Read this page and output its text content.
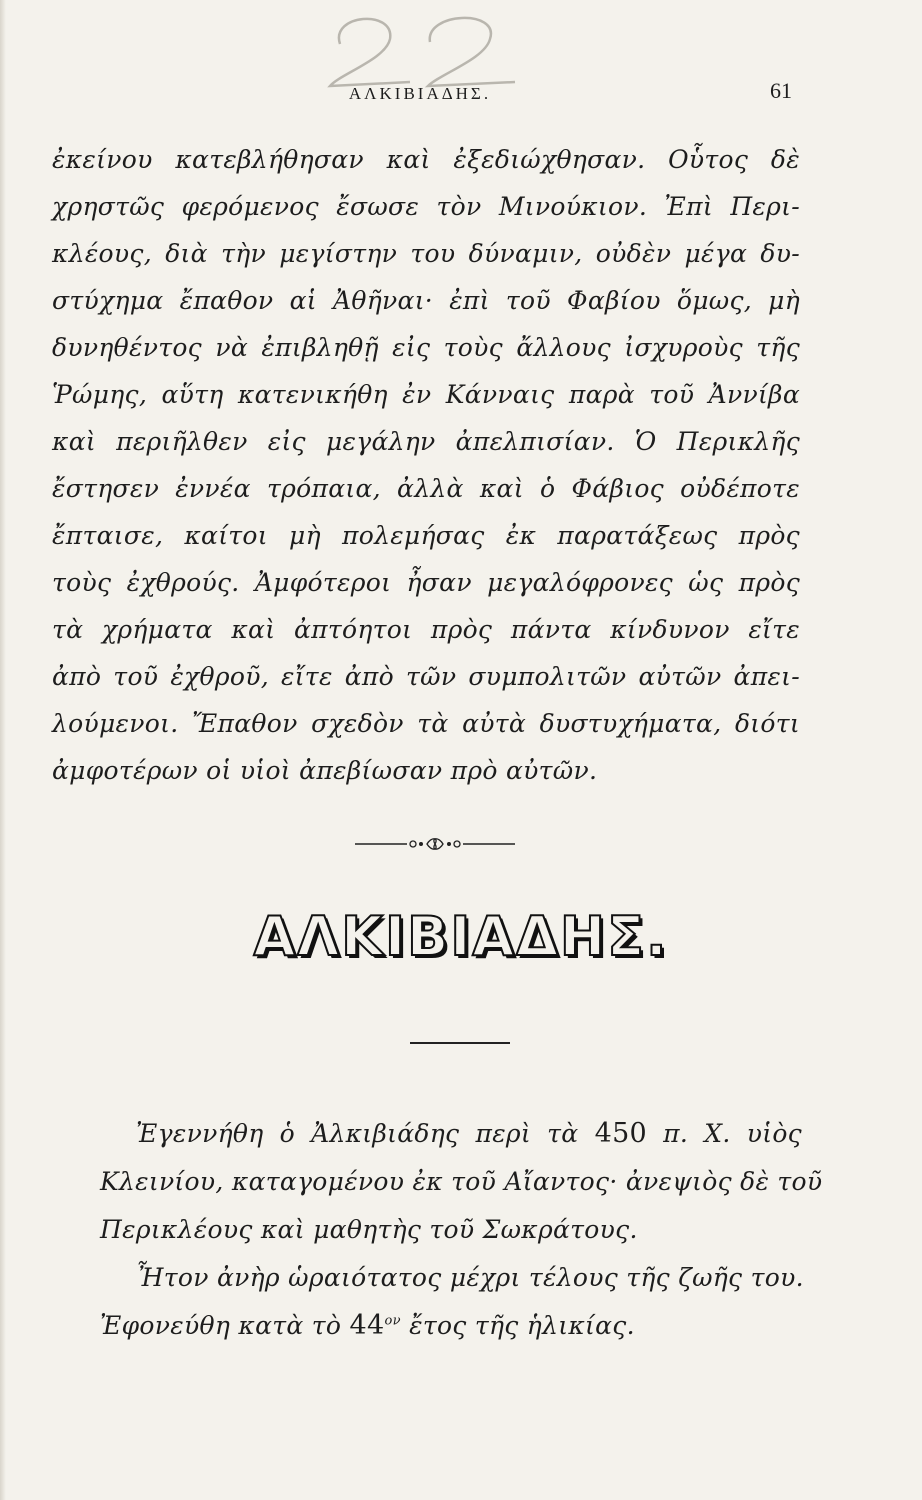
ΑΛΚΙΒΙΑΔΗΣ.	61
ἐκείνου κατεβλήθησαν καὶ ἐξεδιώχθησαν. Οὗτος δὲ
χρηστῶς φερόμενος ἔσωσε τὸν Μινούκιον. Ἐπὶ Περι-
κλέους, διὰ τὴν μεγίστην του δύναμιν, οὐδὲν μέγα δυ-
στύχημα ἔπαθον αἱ Ἀθῆναι· ἐπὶ τοῦ Φαβίου ὅμως, μὴ
δυνηθέντος νὰ ἐπιβληθῇ εἰς τοὺς ἄλλους ἰσχυροὺς τῆς
Ῥώμης, αὕτη κατενικήθη ἐν Κάνναις παρὰ τοῦ Ἀννίβα
καὶ περιῆλθεν εἰς μεγάλην ἀπελπισίαν. Ὁ Περικλῆς
ἔστησεν ἐννέα τρόπαια, ἀλλὰ καὶ ὁ Φάβιος οὐδέποτε
ἔπταισε, καίτοι μὴ πολεμήσας ἐκ παρατάξεως πρὸς
τοὺς ἐχθρούς. Ἀμφότεροι ἦσαν μεγαλόφρονες ὡς πρὸς
τὰ χρήματα καὶ ἀπτόητοι πρὸς πάντα κίνδυνον εἴτε
ἀπὸ τοῦ ἐχθροῦ, εἴτε ἀπὸ τῶν συμπολιτῶν αὐτῶν ἀπει-
λούμενοι. Ἔπαθον σχεδὸν τὰ αὐτὰ δυστυχήματα, διότι
ἀμφοτέρων οἱ υἱοὶ ἀπεβίωσαν πρὸ αὐτῶν.
ΑΛΚΙΒΙΑΔΗΣ.
Ἐγεννήθη ὁ Ἀλκιβιάδης περὶ τὰ 450 π. Χ. υἱὸς
Κλεινίου, καταγομένου ἐκ τοῦ Αἴαντος· ἀνεψιὸς δὲ τοῦ
Περικλέους καὶ μαθητὴς τοῦ Σωκράτους.
Ἦτον ἀνὴρ ὡραιότατος μέχρι τέλους τῆς ζωῆς του.
Ἐφονεύθη κατὰ τὸ $44^{o\nu}$ ἔτος τῆς ἡλικίας.
